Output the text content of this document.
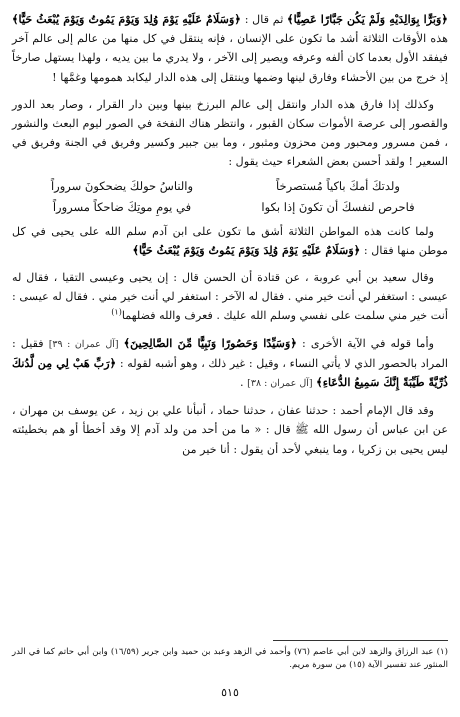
﴿وَبَرًّا بِوَالِدَيْهِ وَلَمْ يَكُن جَبَّارًا عَصِيًّا﴾ ثم قال : ﴿وَسَلَامٌ عَلَيْهِ يَوْمَ وُلِدَ وَيَوْمَ يَمُوتُ وَيَوْمَ يُبْعَثُ حَيًّا﴾ هذه الأوقات الثلاثة أشد ما تكون على الإنسان ، فإنه ينتقل في كل منها من عالم إلى عالم آخر فيفقد الأول بعدما كان ألفه وعرفه ويصير إلى الآخر ، ولا يدري ما بين يديه ، ولهذا يستهل صارخاً إذ خرج من بين الأحشاء وفارق لينها وضمها وينتقل إلى هذه الدار ليكابد همومها وغمَّها !

وكذلك إذا فارق هذه الدار وانتقل إلى عالم البرزخ بينها وبين دار القرار ، وصار بعد الدور والقصور إلى عرصة الأموات سكان القبور ، وانتظر هناك النفخة في الصور ليوم البعث والنشور ، فمن مسرور ومحبور ومن محزون ومثبور ، وما بين جبير وكسير وفريق في الجنة وفريق في السعير ! ولقد أحسن بعض الشعراء حيث يقول :

ولدتكَ أمكَ باكياً مُستصرخاً
والناسُ حولكَ يضحكونَ سروراً
فاحرص لنفسكَ أن تكونَ إذا بكوا
في يومِ موتِكَ ضاحكاً مسروراً

ولما كانت هذه المواطن الثلاثة أشق ما تكون على ابن آدم سلم الله على يحيى في كل موطن منها فقال : ﴿وَسَلَامٌ عَلَيْهِ يَوْمَ وُلِدَ وَيَوْمَ يَمُوتُ وَيَوْمَ يُبْعَثُ حَيًّا﴾

وقال سعيد بن أبي عروبة ، عن قتادة أن الحسن قال : إن يحيى وعيسى التقيا ، فقال له عيسى : استغفر لي أنت خير مني . فقال له الآخر : استغفر لي أنت خير مني . فقال له عيسى : أنت خير مني سلمت على نفسي وسلم الله عليك . فعرف والله فضلهما$^{(١)}$

وأما قوله في الآية الأخرى : ﴿وَسَيِّدًا وَحَصُورًا وَنَبِيًّا مِّنَ الصَّالِحِينَ﴾ [آل عمران : ٣٩] فقيل : المراد بالحصور الذي لا يأتي النساء ، وقيل : غير ذلك ، وهو أشبه لقوله : ﴿رَبِّ هَبْ لِي مِن لَّدُنكَ ذُرِّيَّةً طَيِّبَةً إِنَّكَ سَمِيعُ الدُّعَاءِ﴾ [آل عمران : ٣٨] .

وقد قال الإمام أحمد : حدثنا عفان ، حدثنا حماد ، أنبأنا علي بن زيد ، عن يوسف بن مهران ، عن ابن عباس أن رسول الله ﷺ قال : « ما من أحد من ولد آدم إلا وقد أخطأ أو هم بخطيئته ليس يحيى بن زكريا ، وما ينبغي لأحد أن يقول : أنا خير من

(١) عبد الرزاق والزهد لابن أبي عاصم (٧٦) وأحمد في الزهد وعبد بن حميد وابن جرير (١٦/٥٩) وابن أبي حاتم كما في الدر المنثور عند تفسير الآية (١٥) من سورة مريم.

٥١٥
